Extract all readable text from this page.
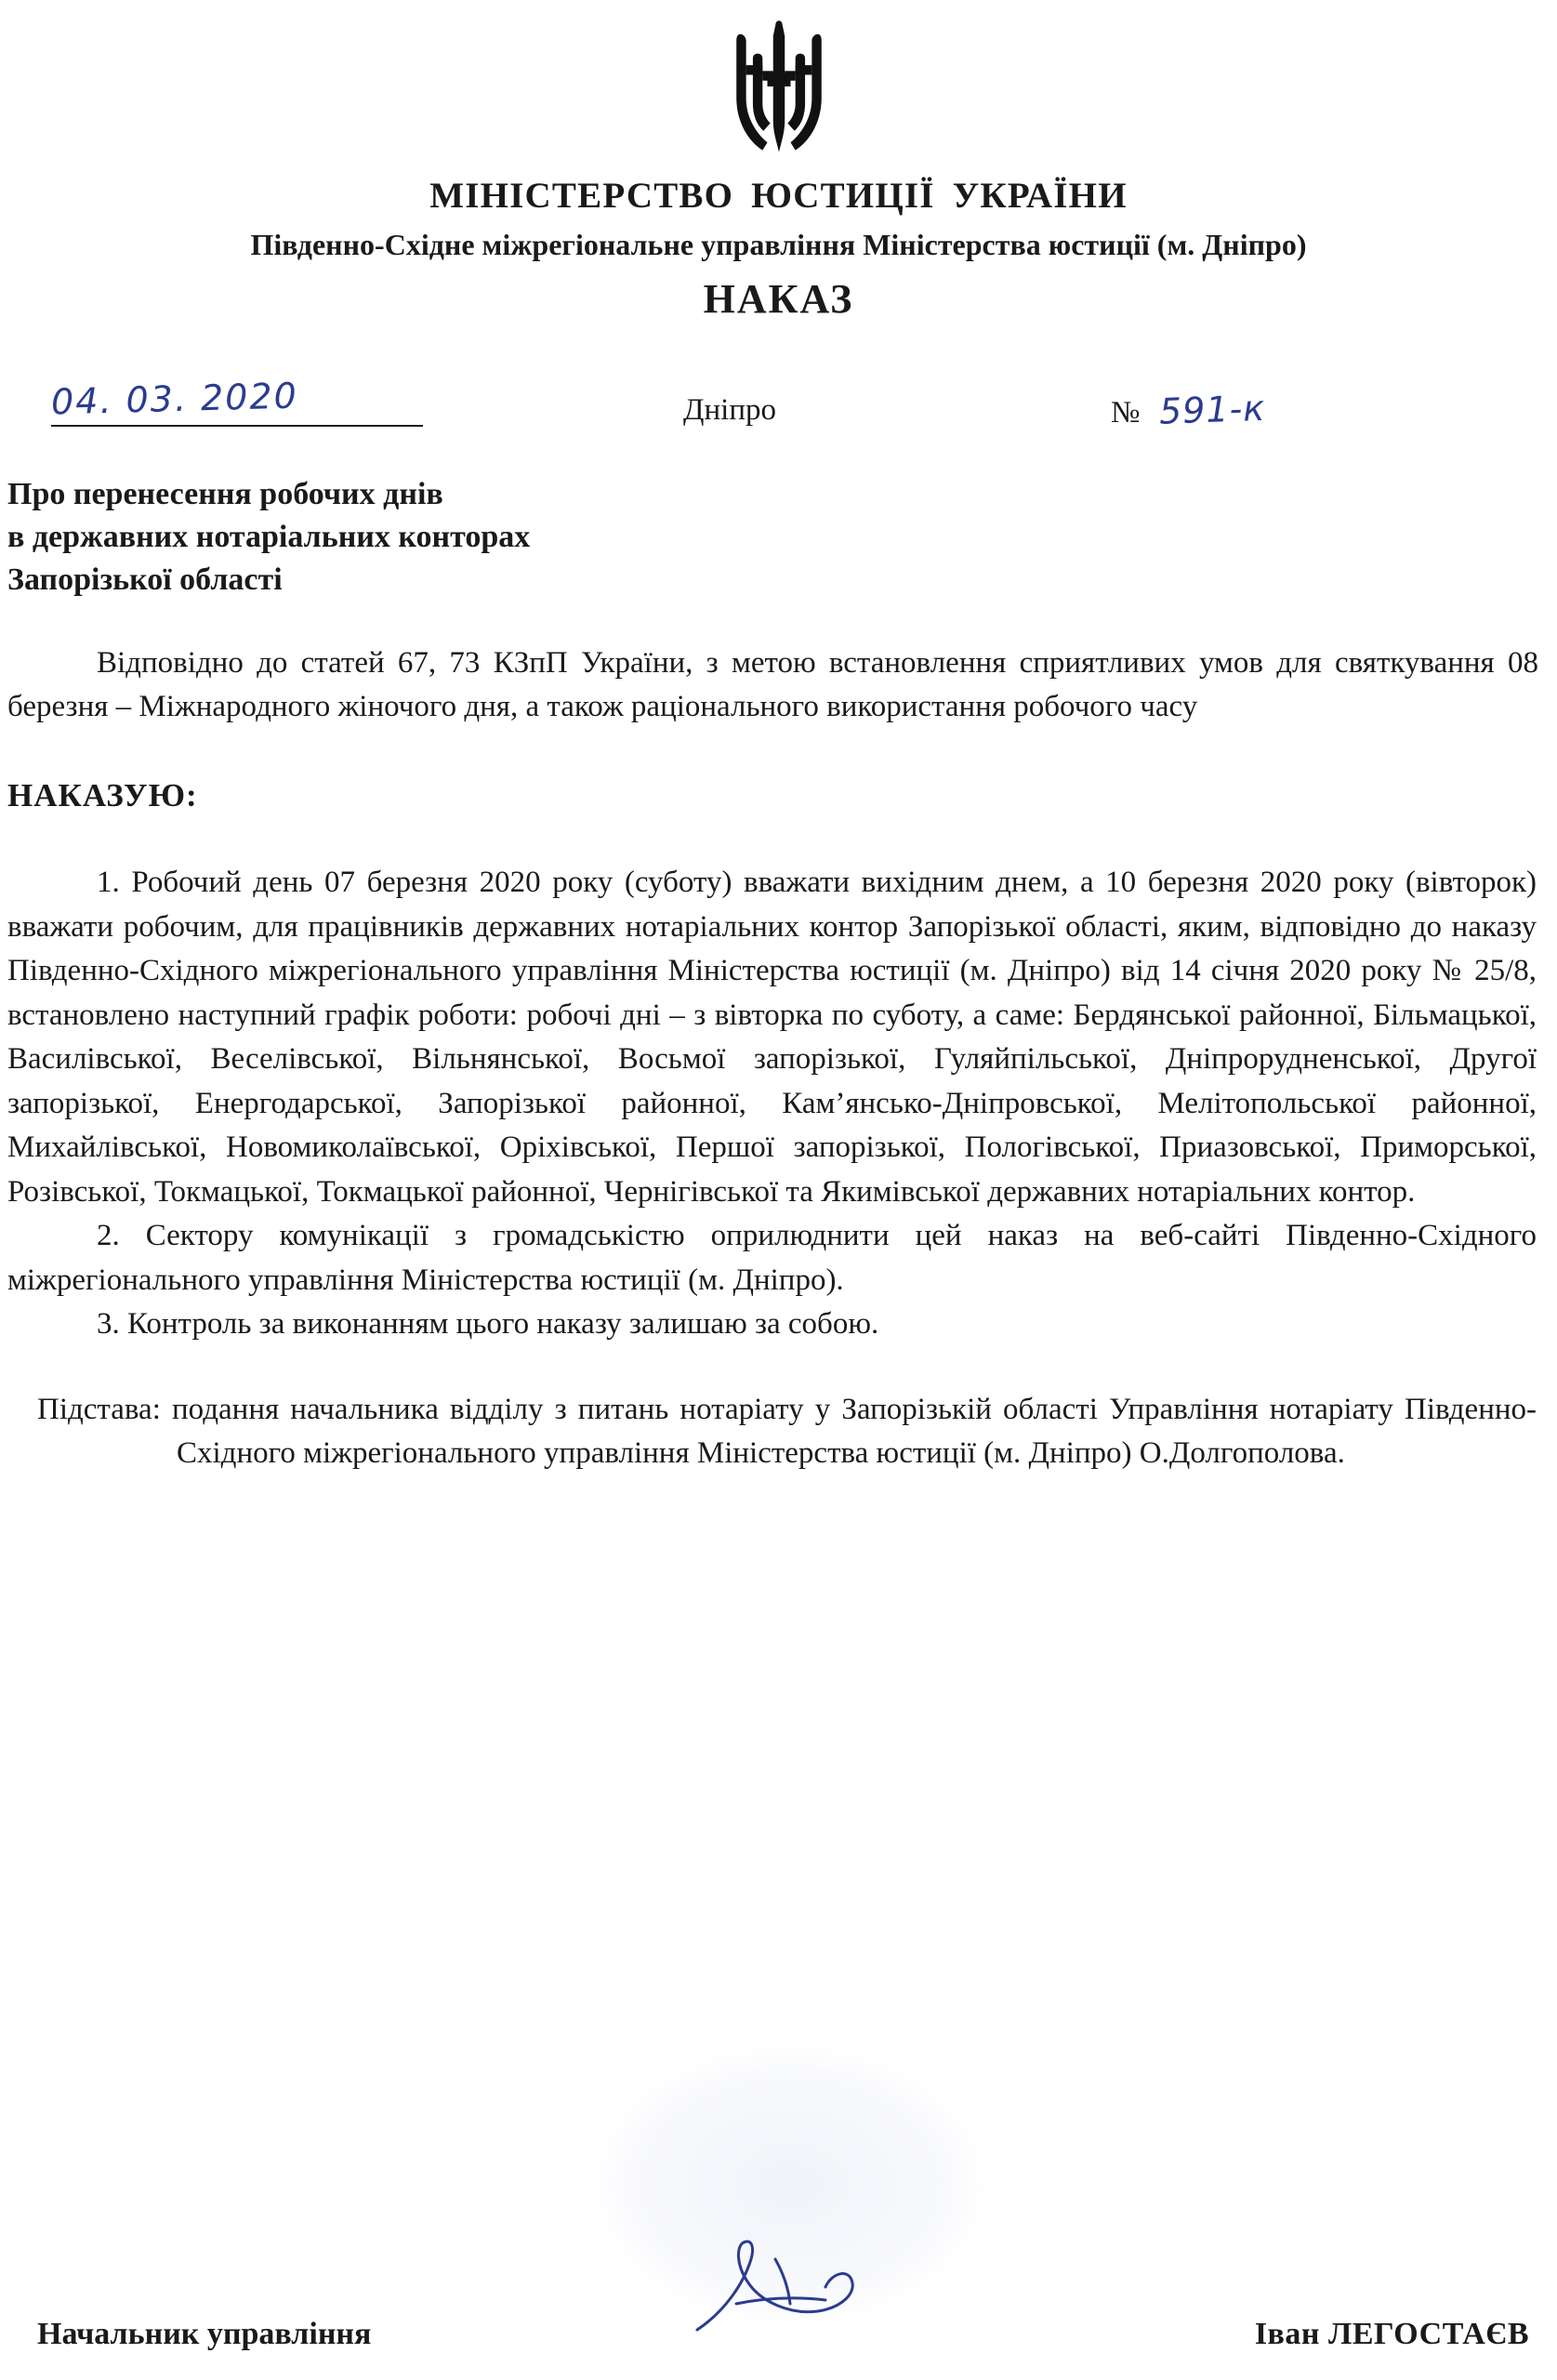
МІНІСТЕРСТВО ЮСТИЦІЇ УКРАЇНИ
Південно-Східне міжрегіональне управління Міністерства юстиції (м. Дніпро)
НАКАЗ
04. 03. 2020	Дніпро	№ 591-к
Про перенесення робочих днів
в державних нотаріальних конторах
Запорізької області
Відповідно до статей 67, 73 КЗпП України, з метою встановлення сприятливих умов для святкування 08 березня – Міжнародного жіночого дня, а також раціонального використання робочого часу
НАКАЗУЮ:

1. Робочий день 07 березня 2020 року (суботу) вважати вихідним днем, а 10 березня 2020 року (вівторок) вважати робочим, для працівників державних нотаріальних контор Запорізької області, яким, відповідно до наказу Південно-Східного міжрегіонального управління Міністерства юстиції (м. Дніпро) від 14 січня 2020 року № 25/8, встановлено наступний графік роботи: робочі дні – з вівторка по суботу, а саме: Бердянської районної, Більмацької, Василівської, Веселівської, Вільнянської, Восьмої запорізької, Гуляйпільської, Дніпрорудненської, Другої запорізької, Енергодарської, Запорізької районної, Кам’янсько-Дніпровської, Мелітопольської районної, Михайлівської, Новомиколаївської, Оріхівської, Першої запорізької, Пологівської, Приазовської, Приморської, Розівської, Токмацької, Токмацької районної, Чернігівської та Якимівської державних нотаріальних контор.

2. Сектору комунікації з громадськістю оприлюднити цей наказ на веб-сайті Південно-Східного міжрегіонального управління Міністерства юстиції (м. Дніпро).

3. Контроль за виконанням цього наказу залишаю за собою.

Підстава: подання начальника відділу з питань нотаріату у Запорізькій області Управління нотаріату Південно-Східного міжрегіонального управління Міністерства юстиції (м. Дніпро) О.Долгополова.
Начальник управління	Іван ЛЕГОСТАЄВ
